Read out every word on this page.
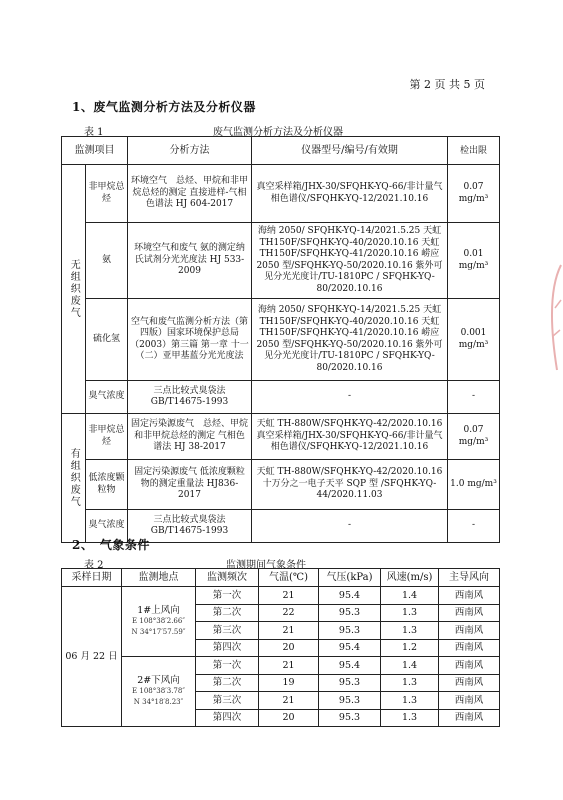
第 2 页 共 5 页
1、废气监测分析方法及分析仪器
表 1	废气监测分析方法及分析仪器
监测项目		分析方法	仪器型号/编号/有效期	检出限
无组织废气	非甲烷总 烃	环境空气　总烃、甲烷和非甲烷总烃的测定 直接进样-气相色谱法 HJ 604-2017	真空采样箱/JHX-30/SFQHK-YQ-66/非计量气相色谱仪/SFQHK-YQ-12/2021.10.16	0.07 mg/m³
	氨	环境空气和废气 氨的测定纳氏试剂分光光度法 HJ 533-2009	海纳 2050/ SFQHK-YQ-14/2021.5.25 天虹 TH150F/SFQHK-YQ-40/2020.10.16 天虹 TH150F/SFQHK-YQ-41/2020.10.16 崂应 2050 型/SFQHK-YQ-50/2020.10.16 紫外可见分光光度计/TU-1810PC / SFQHK-YQ-80/2020.10.16	0.01 mg/m³
	硫化氢	空气和废气监测分析方法（第四版）国家环境保护总局（2003）第三篇 第一章 十一（二）亚甲基蓝分光光度法	海纳 2050/ SFQHK-YQ-14/2021.5.25 天虹 TH150F/SFQHK-YQ-40/2020.10.16 天虹 TH150F/SFQHK-YQ-41/2020.10.16 崂应 2050 型/SFQHK-YQ-50/2020.10.16 紫外可见分光光度计/TU-1810PC / SFQHK-YQ-80/2020.10.16	0.001 mg/m³
	臭气浓度	三点比较式臭袋法 GB/T14675-1993	-	-
有组织废气	非甲烷总 烃	固定污染源废气　总烃、甲烷和非甲烷总烃的测定 气相色谱法 HJ 38-2017	天虹 TH-880W/SFQHK-YQ-42/2020.10.16 真空采样箱/JHX-30/SFQHK-YQ-66/非计量气相色谱仪/SFQHK-YQ-12/2021.10.16	0.07 mg/m³
	低浓度颗粒物	固定污染源废气 低浓度颗粒物的测定重量法 HJ836-2017	天虹 TH-880W/SFQHK-YQ-42/2020.10.16 十万分之一电子天平 SQP 型 /SFQHK-YQ-44/2020.11.03	1.0 mg/m³
	臭气浓度	三点比较式臭袋法 GB/T14675-1993	-	-
2、　气象条件
表 2	监测期间气象条件
采样日期	监测地点	监测频次	气温(℃)	气压(kPa)	风速(m/s)	主导风向
06 月 22 日	1#上风向
E 108°38′2.66″
N 34°17′57.59″	第一次	21	95.4	1.4	西南风
		第二次	22	95.3	1.3	西南风
		第三次	21	95.3	1.3	西南风
		第四次	20	95.4	1.2	西南风

	2#下风向
E 108°38′3.78″
N 34°18′8.23″	第一次	21	95.4	1.4	西南风
		第二次	19	95.3	1.3	西南风
		第三次	21	95.3	1.3	西南风
		第四次	20	95.3	1.3	西南风
